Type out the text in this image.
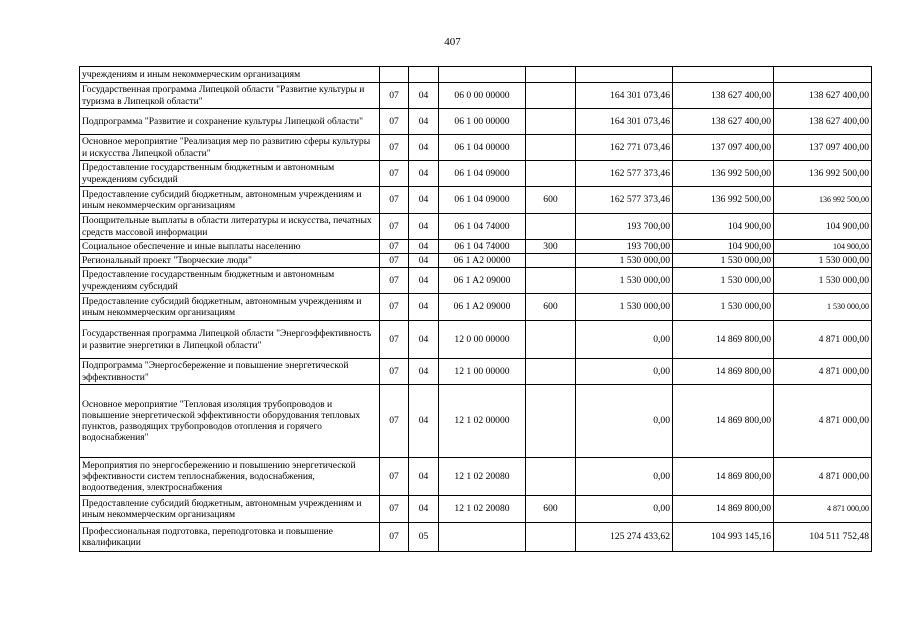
407
учреждениям и иным некоммерческим организациям							
Государственная программа Липецкой области "Развитие культуры и туризма в Липецкой области"	07	04	06 0 00 00000		164 301 073,46	138 627 400,00	138 627 400,00
Подпрограмма "Развитие и сохранение культуры Липецкой области"	07	04	06 1 00 00000		164 301 073,46	138 627 400,00	138 627 400,00
Основное мероприятие "Реализация мер по развитию сферы культуры и искусства Липецкой области"	07	04	06 1 04 00000		162 771 073,46	137 097 400,00	137 097 400,00
Предоставление государственным бюджетным и автономным учреждениям субсидий	07	04	06 1 04 09000		162 577 373,46	136 992 500,00	136 992 500,00
Предоставление субсидий бюджетным, автономным учреждениям и иным некоммерческим организациям	07	04	06 1 04 09000	600	162 577 373,46	136 992 500,00	136 992 500,00
Поощрительные выплаты в области литературы и искусства, печатных средств массовой информации	07	04	06 1 04 74000		193 700,00	104 900,00	104 900,00
Социальное обеспечение и иные выплаты населению	07	04	06 1 04 74000	300	193 700,00	104 900,00	104 900,00
Региональный проект "Творческие люди"	07	04	06 1 A2 00000		1 530 000,00	1 530 000,00	1 530 000,00
Предоставление государственным бюджетным и автономным учреждениям субсидий	07	04	06 1 A2 09000		1 530 000,00	1 530 000,00	1 530 000,00
Предоставление субсидий бюджетным, автономным учреждениям и иным некоммерческим организациям	07	04	06 1 A2 09000	600	1 530 000,00	1 530 000,00	1 530 000,00
Государственная программа Липецкой области "Энергоэффективность и развитие энергетики в Липецкой области"	07	04	12 0 00 00000		0,00	14 869 800,00	4 871 000,00
Подпрограмма "Энергосбережение и повышение энергетической эффективности"	07	04	12 1 00 00000		0,00	14 869 800,00	4 871 000,00
Основное мероприятие "Тепловая изоляция трубопроводов и повышение энергетической эффективности оборудования тепловых пунктов, разводящих трубопроводов отопления и горячего водоснабжения"	07	04	12 1 02 00000		0,00	14 869 800,00	4 871 000,00
Мероприятия по энергосбережению и повышению энергетической эффективности систем теплоснабжения, водоснабжения, водоотведения, электроснабжения	07	04	12 1 02 20080		0,00	14 869 800,00	4 871 000,00
Предоставление субсидий бюджетным, автономным учреждениям и иным некоммерческим организациям	07	04	12 1 02 20080	600	0,00	14 869 800,00	4 871 000,00
Профессиональная подготовка, переподготовка и повышение квалификации	07	05			125 274 433,62	104 993 145,16	104 511 752,48
